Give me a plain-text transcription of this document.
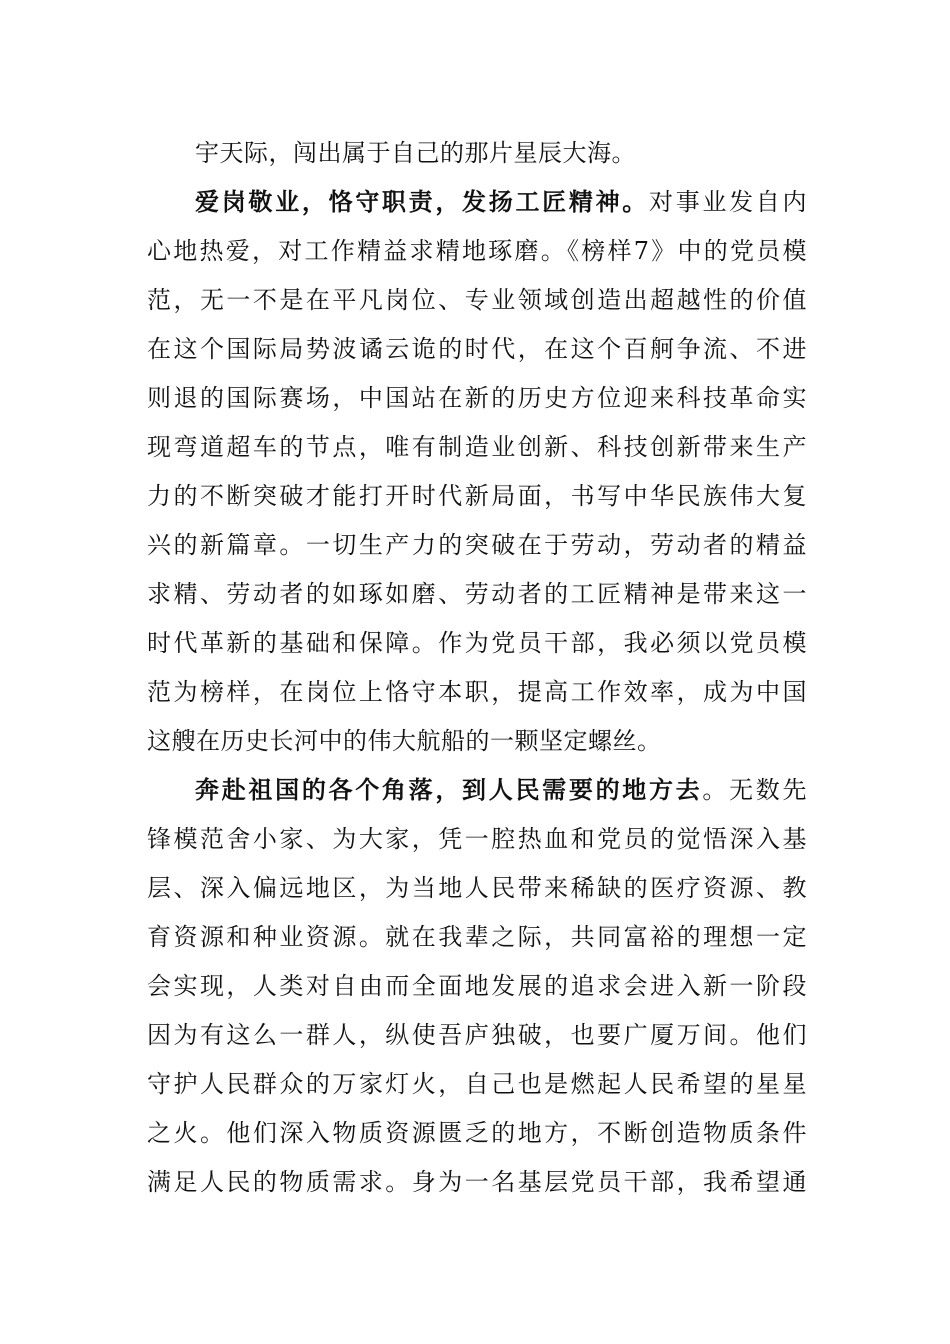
宇天际，闯出属于自己的那片星辰大海。
爱岗敬业，恪守职责，发扬工匠精神。对事业发自内
心地热爱，对工作精益求精地琢磨。《榜样7》中的党员模
范，无一不是在平凡岗位、专业领域创造出超越性的价值
在这个国际局势波谲云诡的时代，在这个百舸争流、不进
则退的国际赛场，中国站在新的历史方位迎来科技革命实
现弯道超车的节点，唯有制造业创新、科技创新带来生产
力的不断突破才能打开时代新局面，书写中华民族伟大复
兴的新篇章。一切生产力的突破在于劳动，劳动者的精益
求精、劳动者的如琢如磨、劳动者的工匠精神是带来这一
时代革新的基础和保障。作为党员干部，我必须以党员模
范为榜样，在岗位上恪守本职，提高工作效率，成为中国
这艘在历史长河中的伟大航船的一颗坚定螺丝。
奔赴祖国的各个角落，到人民需要的地方去。无数先
锋模范舍小家、为大家，凭一腔热血和党员的觉悟深入基
层、深入偏远地区，为当地人民带来稀缺的医疗资源、教
育资源和种业资源。就在我辈之际，共同富裕的理想一定
会实现，人类对自由而全面地发展的追求会进入新一阶段
因为有这么一群人，纵使吾庐独破，也要广厦万间。他们
守护人民群众的万家灯火，自己也是燃起人民希望的星星
之火。他们深入物质资源匮乏的地方，不断创造物质条件
满足人民的物质需求。身为一名基层党员干部，我希望通
